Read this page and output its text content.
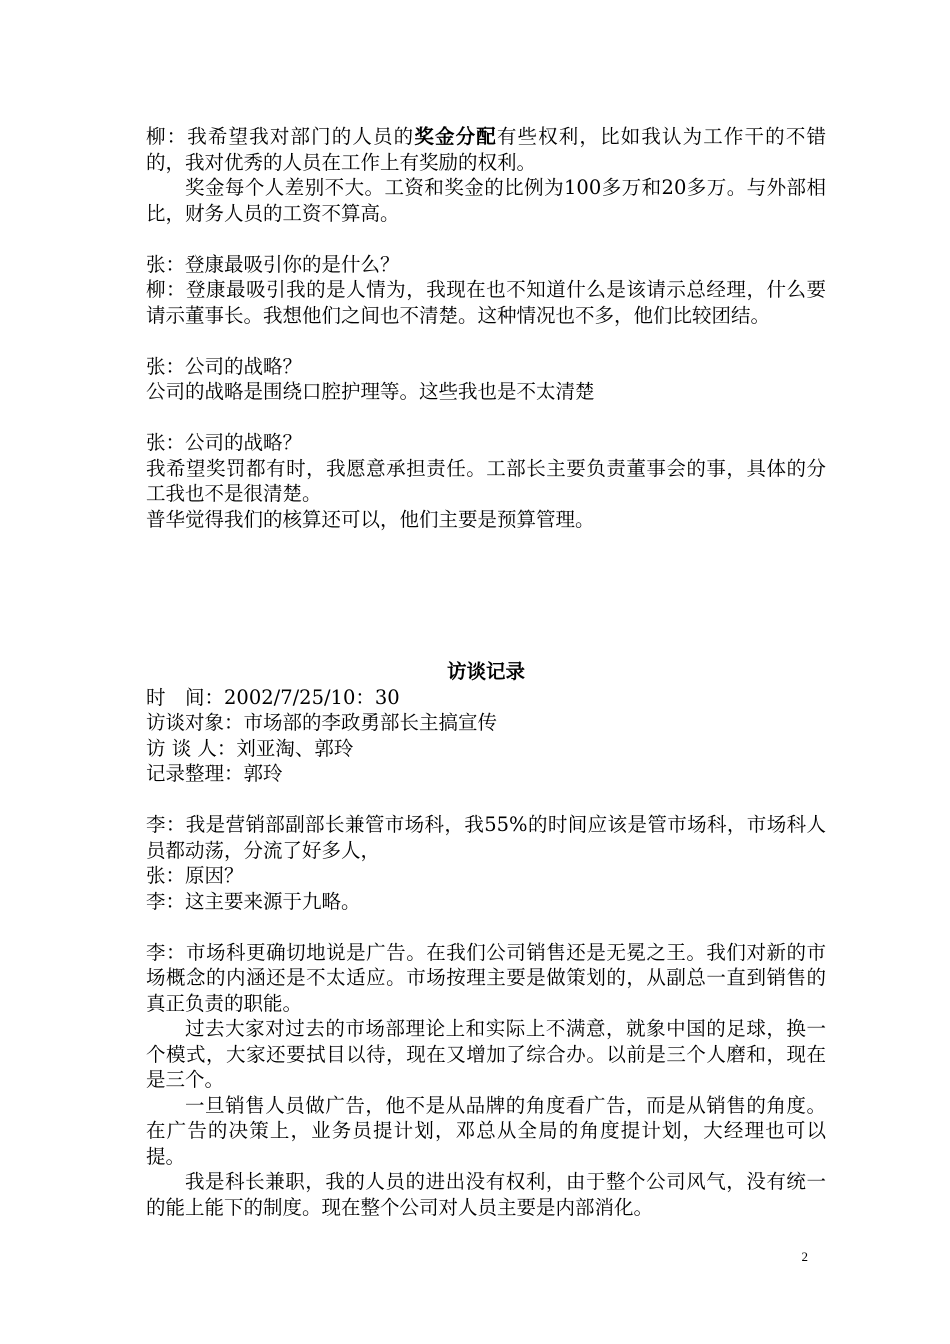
柳：我希望我对部门的人员的奖金分配有些权利，比如我认为工作干的不错的，我对优秀的人员在工作上有奖励的权利。

奖金每个人差别不大。工资和奖金的比例为100多万和20多万。与外部相比，财务人员的工资不算高。

张：登康最吸引你的是什么？

柳：登康最吸引我的是人情为，我现在也不知道什么是该请示总经理，什么要请示董事长。我想他们之间也不清楚。这种情况也不多，他们比较团结。

张：公司的战略？

公司的战略是围绕口腔护理等。这些我也是不太清楚

张：公司的战略？

我希望奖罚都有时，我愿意承担责任。工部长主要负责董事会的事，具体的分工我也不是很清楚。

普华觉得我们的核算还可以，他们主要是预算管理。

访谈记录

时　间：2002/7/25/10：30

访谈对象：市场部的李政勇部长主搞宣传

访 谈 人：刘亚淘、郭玲

记录整理：郭玲

李：我是营销部副部长兼管市场科，我55%的时间应该是管市场科，市场科人员都动荡，分流了好多人，

张：原因？

李：这主要来源于九略。

李：市场科更确切地说是广告。在我们公司销售还是无冕之王。我们对新的市场概念的内涵还是不太适应。市场按理主要是做策划的，从副总一直到销售的真正负责的职能。

过去大家对过去的市场部理论上和实际上不满意，就象中国的足球，换一个模式，大家还要拭目以待，现在又增加了综合办。以前是三个人磨和，现在是三个。

一旦销售人员做广告，他不是从品牌的角度看广告，而是从销售的角度。在广告的决策上，业务员提计划，邓总从全局的角度提计划，大经理也可以提。

我是科长兼职，我的人员的进出没有权利，由于整个公司风气，没有统一的能上能下的制度。现在整个公司对人员主要是内部消化。

2
